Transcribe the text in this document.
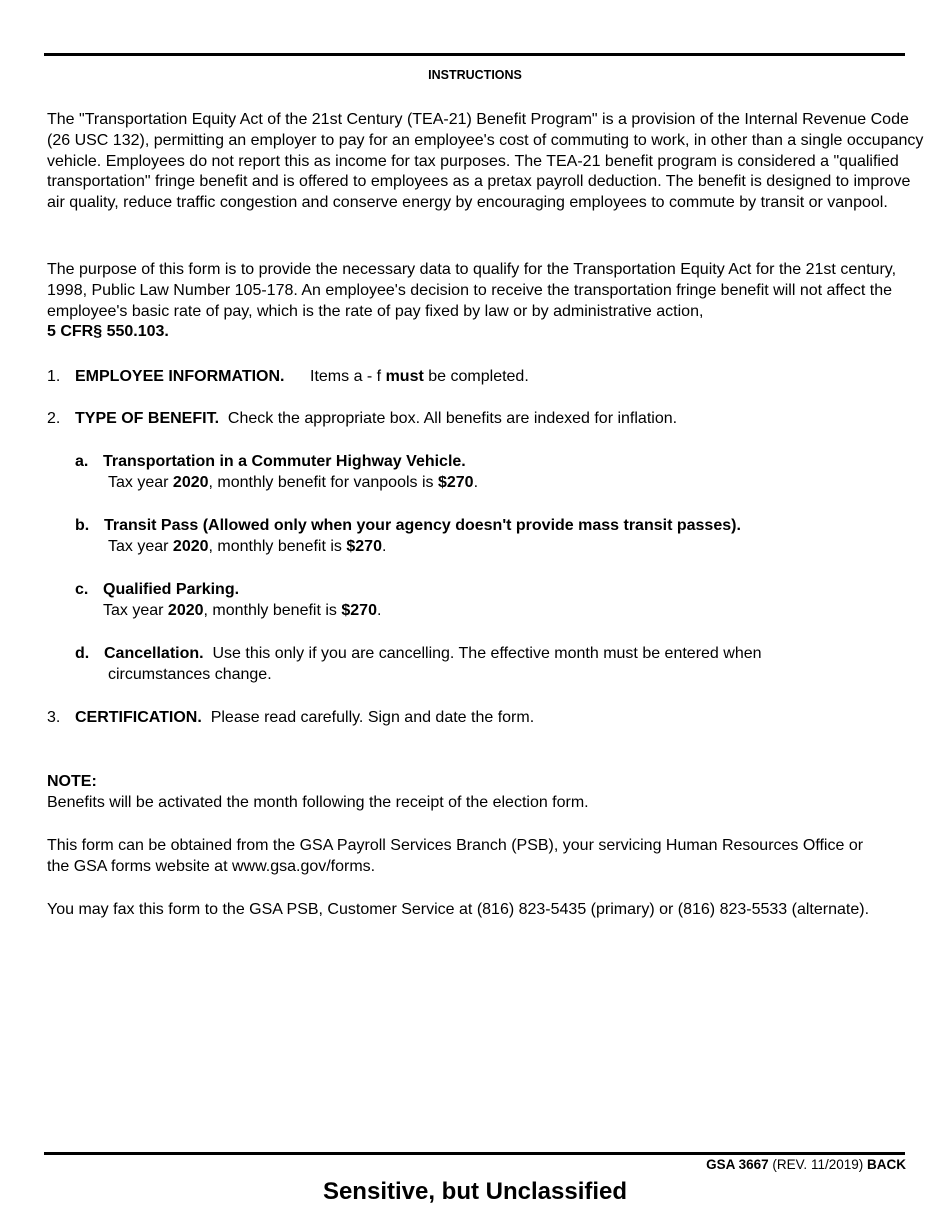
INSTRUCTIONS

The "Transportation Equity Act of the 21st Century (TEA-21) Benefit Program" is a provision of the Internal Revenue Code (26 USC 132), permitting an employer to pay for an employee's cost of commuting to work, in other than a single occupancy vehicle. Employees do not report this as income for tax purposes. The TEA-21 benefit program is considered a "qualified transportation" fringe benefit and is offered to employees as a pretax payroll deduction. The benefit is designed to improve air quality, reduce traffic congestion and conserve energy by encouraging employees to commute by transit or vanpool.

The purpose of this form is to provide the necessary data to qualify for the Transportation Equity Act for the 21st century, 1998, Public Law Number 105-178. An employee's decision to receive the transportation fringe benefit will not affect the employee's basic rate of pay, which is the rate of pay fixed by law or by administrative action,
5 CFR§ 550.103.

1. EMPLOYEE INFORMATION. Items a - f must be completed.
2. TYPE OF BENEFIT. Check the appropriate box. All benefits are indexed for inflation.
a. Transportation in a Commuter Highway Vehicle.
Tax year 2020, monthly benefit for vanpools is $270.
b. Transit Pass (Allowed only when your agency doesn't provide mass transit passes).
Tax year 2020, monthly benefit is $270.
c. Qualified Parking.
Tax year 2020, monthly benefit is $270.
d. Cancellation. Use this only if you are cancelling. The effective month must be entered when
circumstances change.
3. CERTIFICATION. Please read carefully. Sign and date the form.
NOTE:
Benefits will be activated the month following the receipt of the election form.

This form can be obtained from the GSA Payroll Services Branch (PSB), your servicing Human Resources Office or the GSA forms website at www.gsa.gov/forms.

You may fax this form to the GSA PSB, Customer Service at (816) 823-5435 (primary) or (816) 823-5533 (alternate).
GSA 3667 (REV. 11/2019) BACK
Sensitive, but Unclassified
